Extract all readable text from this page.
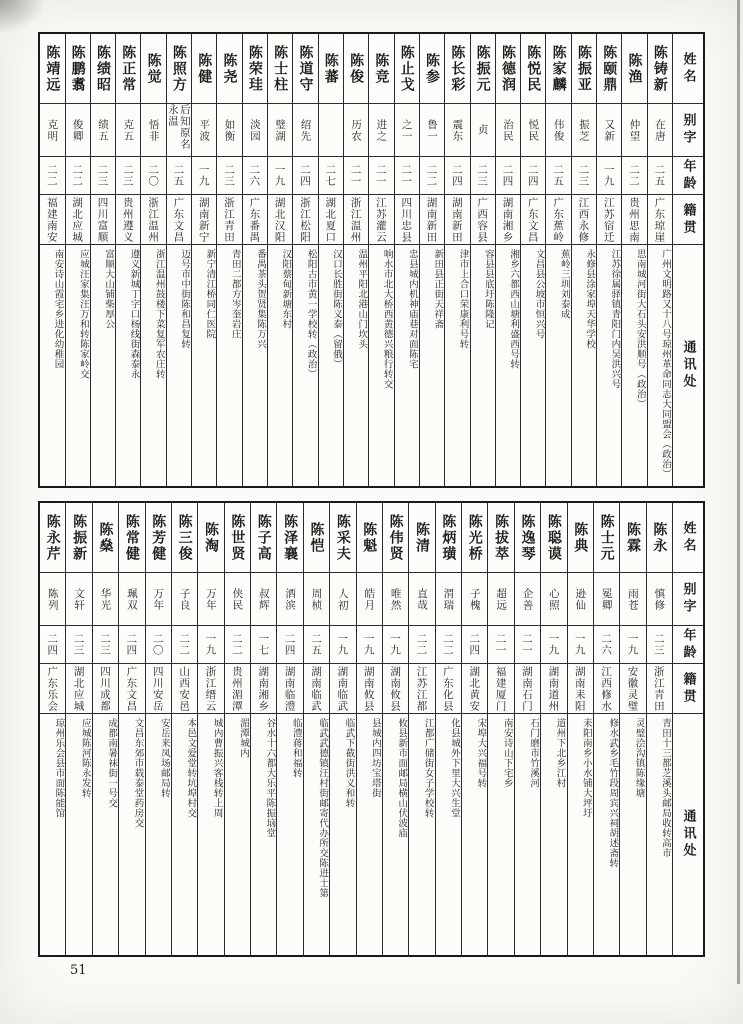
姓名
别字
年龄
籍贯
通讯处
陈铸新
在唐
二五
广东琼崖
广州文明路又十八号琼州革命同志大同盟会（政治）
陈渔
仲望
二二
贵州思南
思南城河街大石头安洪顺号（政治）
陈颐鼎
又新
一九
江苏宿迁
江苏徐属驿镇青阳门内吴洪兴号
陈振亚
振芝
二三
江西永修
永修县涂家埠天华学校
陈家麟
伟俊
二五
广东蕉岭
蕉岭三圳刘泰成
陈悦民
悦民
二四
广东文昌
文昌县公坡市恒兴号
陈德润
治民
二四
湖南湘乡
湘乡六都西山塘利盛西号转
陈振元
贞
二三
广西容县
容县县底圩陈隆记
陈长彩
震东
二四
湖南新田
津市上合口荣康利号转
陈参
鲁一
二二
湖南新田
新田县正街天祥斋
陈止戈
之一
二一
四川忠县
忠县城内机神庙巷对面陈宅
陈竞
进之
二一
江苏灌云
响水市北大桥西黄德兴粮行转交
陈俊
历农
二一
浙江温州
温州平阳北港山门坎头
陈蕃
二七
湖北夏口
汉口长胜街陈义泰（留俄）
陈道守
绍先
二四
浙江松阳
松阳古市黄一学校转（政治）
陈士柱
璧湖
一九
湖北汉阳
汉阳蔡甸新塘东村
陈荣珪
淡园
二六
广东番禺
番禺茶头贺贤集陈万兴
陈尧
如衡
二三
浙江青田
青田二都方岑奎岩庄
陈健
平波
一九
湖南新宁
新宁清江桥同仁医院
陈照方
后知原名永温
二五
广东文昌
迈号市中街陈和昌复转
陈觉
悟非
二〇
浙江温州
浙江温州鼓楼下菜复军农庄转
陈正常
克五
二三
贵州遵义
遵义新城丁字口杨线街森泰永
陈绩昭
绩五
二三
四川富顺
富顺大山铺柴厚公
陈鹏翥
俊卿
二二
湖北应城
应城汪家集汪万和转陈家岭交
陈靖远
克明
二二
福建南安
南安诗山霞宅乡进化幼稚园
姓名
别字
年龄
籍贯
通讯处
陈永
慎修
二三
浙江青田
青田十三都芝溪头邮局收转高市
陈霖
雨苍
一九
安徽灵璧
灵璧浍沟镇陈缘塘
陈士元
冕卿
二六
江西修水
修水武乡毛竹段周宾兴祠胡述斋转
陈典
逊仙
一九
湖南耒阳
耒阳南乡小水铺大坪圩
陈聪谟
心照
一九
湖南道州
道州下北乡江村
陈逸琴
企善
二一
湖南石门
石门磨市竹溪河
陈拔萃
超远
二一
福建厦门
南安诗山下宅乡
陈光桥
子槐
二四
湖北黄安
宋埠大兴福号转
陈炳璜
渭瑞
二二
广东化县
化县城外下里大兴生堂
陈清
直哉
二二
江苏江都
江都广储街女子学校转
陈伟贤
唯然
一九
湖南攸县
攸县新市面邮局横山伏波庙
陈魁
皓月
一九
湖南攸县
县城内四坊宝塔街
陈采夫
人初
一九
湖南临武
临武下截街洪义和转
陈恺
周桢
二五
湖南临武
临武武德镇汪村街邮寄代办所交陈进士第
陈泽襄
洒滨
二四
湖南临澧
临澧蒋和福转
陈子高
叔辉
一七
湖南湘乡
谷水十六都大乐平陈振垴堂
陈世贤
侠民
二二
贵州湄潭
湄潭城内
陈淘
万年
一九
浙江缙云
城内曹振兴客栈转上周
陈三俊
子良
二二
山西安邑
本邑文爱堂转坑埠村交
陈芳健
万年
二〇
四川安岳
安岳来凤场邮局转
陈常健
珮双
二四
广东文昌
文昌东郊市载泰堂药房交
陈燊
华光
二三
四川成都
成都南暑袜街一号交
陈振新
文轩
二三
湖北应城
应城陈河陈永发转
陈永芹
陈列
二四
广东乐会
琼州乐会县市面陈能馆
51
